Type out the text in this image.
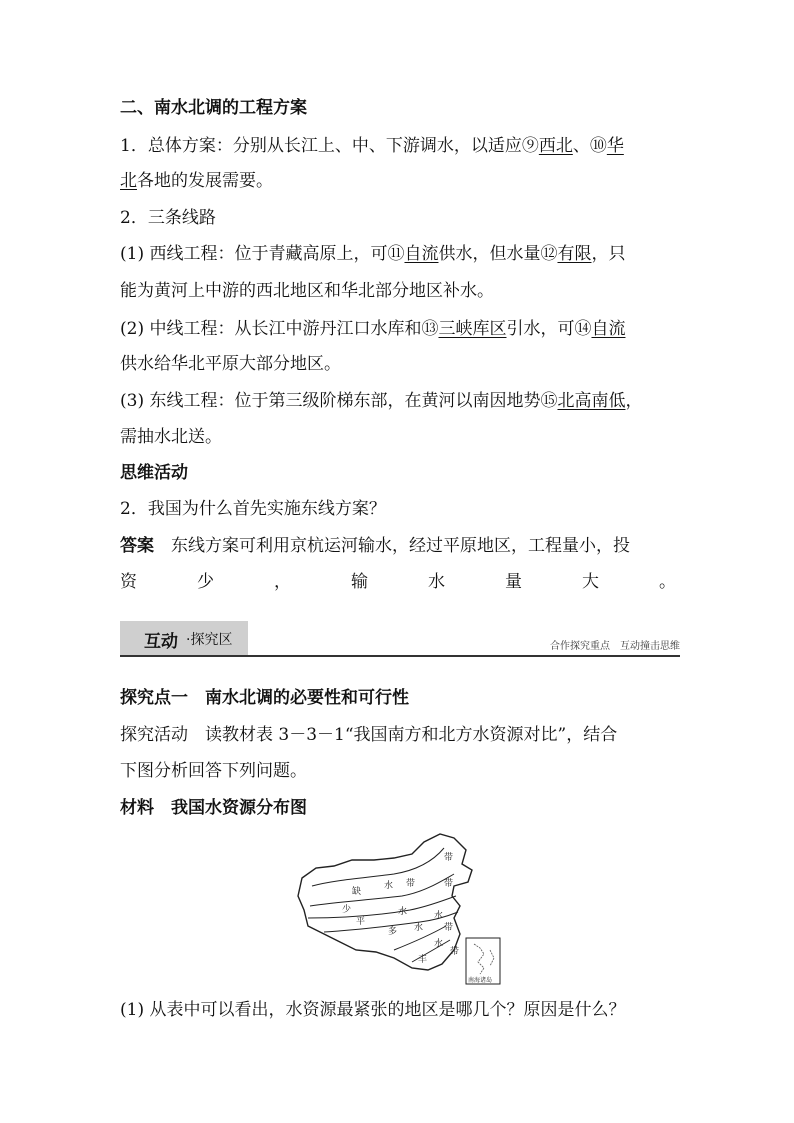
二、南水北调的工程方案
1．总体方案：分别从长江上、中、下游调水，以适应⑨西北、⑩华
北各地的发展需要。
2．三条线路
(1) 西线工程：位于青藏高原上，可⑪自流供水，但水量⑫有限，只
能为黄河上中游的西北地区和华北部分地区补水。
(2) 中线工程：从长江中游丹江口水库和⑬三峡库区引水，可⑭自流
供水给华北平原大部分地区。
(3) 东线工程：位于第三级阶梯东部，在黄河以南因地势⑮北高南低，
需抽水北送。
思维活动
2．我国为什么首先实施东线方案？
答案　 东线方案可利用京杭运河输水，经过平原地区，工程量小，投
资	少	，	输	水	量	大	。
互动 ·探究区	合作探究重点　互动撞击思维
探究点一　南水北调的必要性和可行性
探究活动　读教材表 3－3－1“我国南方和北方水资源对比”，结合
下图分析回答下列问题。
材料　我国水资源分布图
缺
水 带
带
少	水
平
多 水
带
水
带
丰
水
带
南海诸岛
(1) 从表中可以看出，水资源最紧张的地区是哪几个？原因是什么？
